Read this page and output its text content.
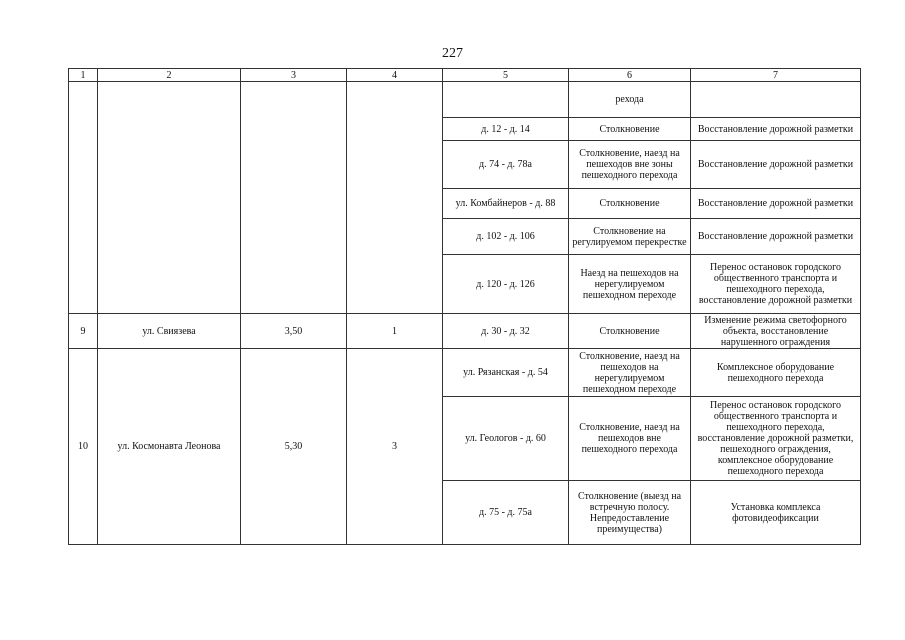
227
1	2	3	4	5	6	7
					рехода	
				д. 12 - д. 14	Столкновение	Восстановление дорожной разметки
				д. 74 - д. 78а	Столкновение, наезд на пешеходов вне зоны пешеходного перехода	Восстановление дорожной разметки
				ул. Комбайнеров - д. 88	Столкновение	Восстановление дорожной разметки
				д. 102 - д. 106	Столкновение на регулируемом перекрестке	Восстановление дорожной разметки
				д. 120 - д. 126	Наезд на пешеходов на нерегулируемом пешеходном переходе	Перенос остановок городского общественного транспорта и пешеходного перехода, восстановление дорожной разметки
9	ул. Свиязева	3,50	1	д. 30 - д. 32	Столкновение	Изменение режима светофорного объекта, восстановление нарушенного ограждения
10	ул. Космонавта Леонова	5,30	3	ул. Рязанская - д. 54	Столкновение, наезд на пешеходов на нерегулируемом пешеходном переходе	Комплексное оборудование пешеходного перехода
				ул. Геологов - д. 60	Столкновение, наезд на пешеходов вне пешеходного перехода	Перенос остановок городского общественного транспорта и пешеходного перехода, восстановление дорожной разметки, пешеходного ограждения, комплексное оборудование пешеходного перехода
				д. 75 - д. 75а	Столкновение (выезд на встречную полосу. Непредоставление преимущества)	Установка комплекса фотовидеофиксации
